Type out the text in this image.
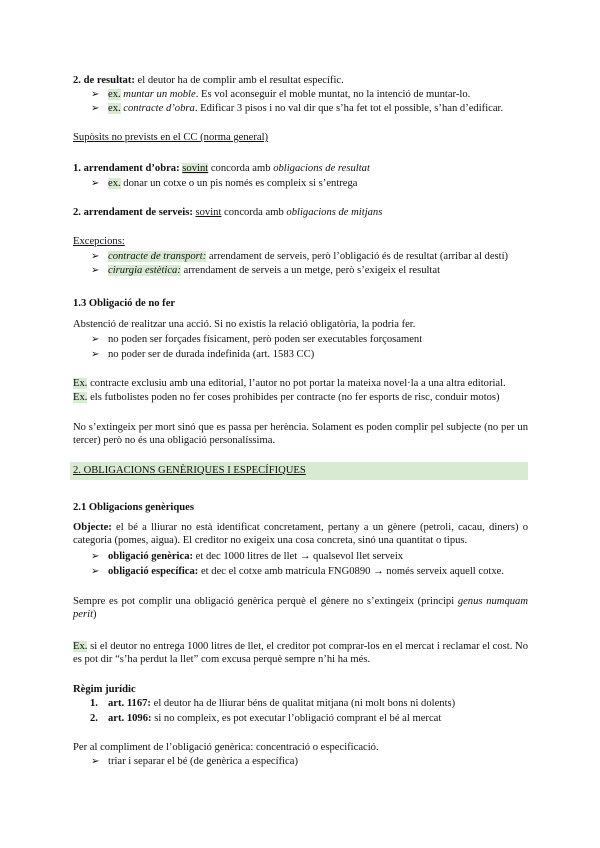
2. de resultat: el deutor ha de complir amb el resultat específic.
➢ ex. muntar un moble. Es vol aconseguir el moble muntat, no la intenció de muntar-lo.
➢ ex. contracte d’obra. Edificar 3 pisos i no val dir que s’ha fet tot el possible, s’han d’edificar.
Supòsits no prevists en el CC (norma general)
1. arrendament d’obra: sovint concorda amb obligacions de resultat
➢ ex. donar un cotxe o un pis només es compleix si s’entrega
2. arrendament de serveis: sovint concorda amb obligacions de mitjans
Excepcions:
➢ contracte de transport: arrendament de serveis, però l’obligació és de resultat (arribar al destí)
➢ cirurgia estètica: arrendament de serveis a un metge, però s’exigeix el resultat
1.3 Obligació de no fer
Abstenció de realitzar una acció. Si no existís la relació obligatòria, la podria fer.
➢ no poden ser forçades físicament, però poden ser executables forçosament
➢ no poder ser de durada indefinida (art. 1583 CC)
Ex. contracte exclusiu amb una editorial, l’autor no pot portar la mateixa novel·la a una altra editorial.
Ex. els futbolistes poden no fer coses prohibides per contracte (no fer esports de risc, conduir motos)
No s’extingeix per mort sinó que es passa per herència. Solament es poden complir pel subjecte (no per un tercer) però no és una obligació personalíssima.
2. OBLIGACIONS GENÈRIQUES I ESPECÍFIQUES
2.1 Obligacions genèriques
Objecte: el bé a lliurar no està identificat concretament, pertany a un gènere (petroli, cacau, diners) o categoria (pomes, aigua). El creditor no exigeix una cosa concreta, sinó una quantitat o tipus.
➢ obligació genèrica: et dec 1000 litres de llet → qualsevol llet serveix
➢ obligació específica: et dec el cotxe amb matrícula FNG0890 → només serveix aquell cotxe.
Sempre es pot complir una obligació genèrica perquè el gènere no s’extingeix (principi genus numquam perit)
Ex. si el deutor no entrega 1000 litres de llet, el creditor pot comprar-los en el mercat i reclamar el cost. No es pot dir “s’ha perdut la llet” com excusa perquè sempre n’hi ha més.
Règim jurídic
1. art. 1167: el deutor ha de lliurar béns de qualitat mitjana (ni molt bons ni dolents)
2. art. 1096: si no compleix, es pot executar l’obligació comprant el bé al mercat
Per al compliment de l’obligació genèrica: concentració o especificació.
➢ triar i separar el bé (de genèrica a específica)
